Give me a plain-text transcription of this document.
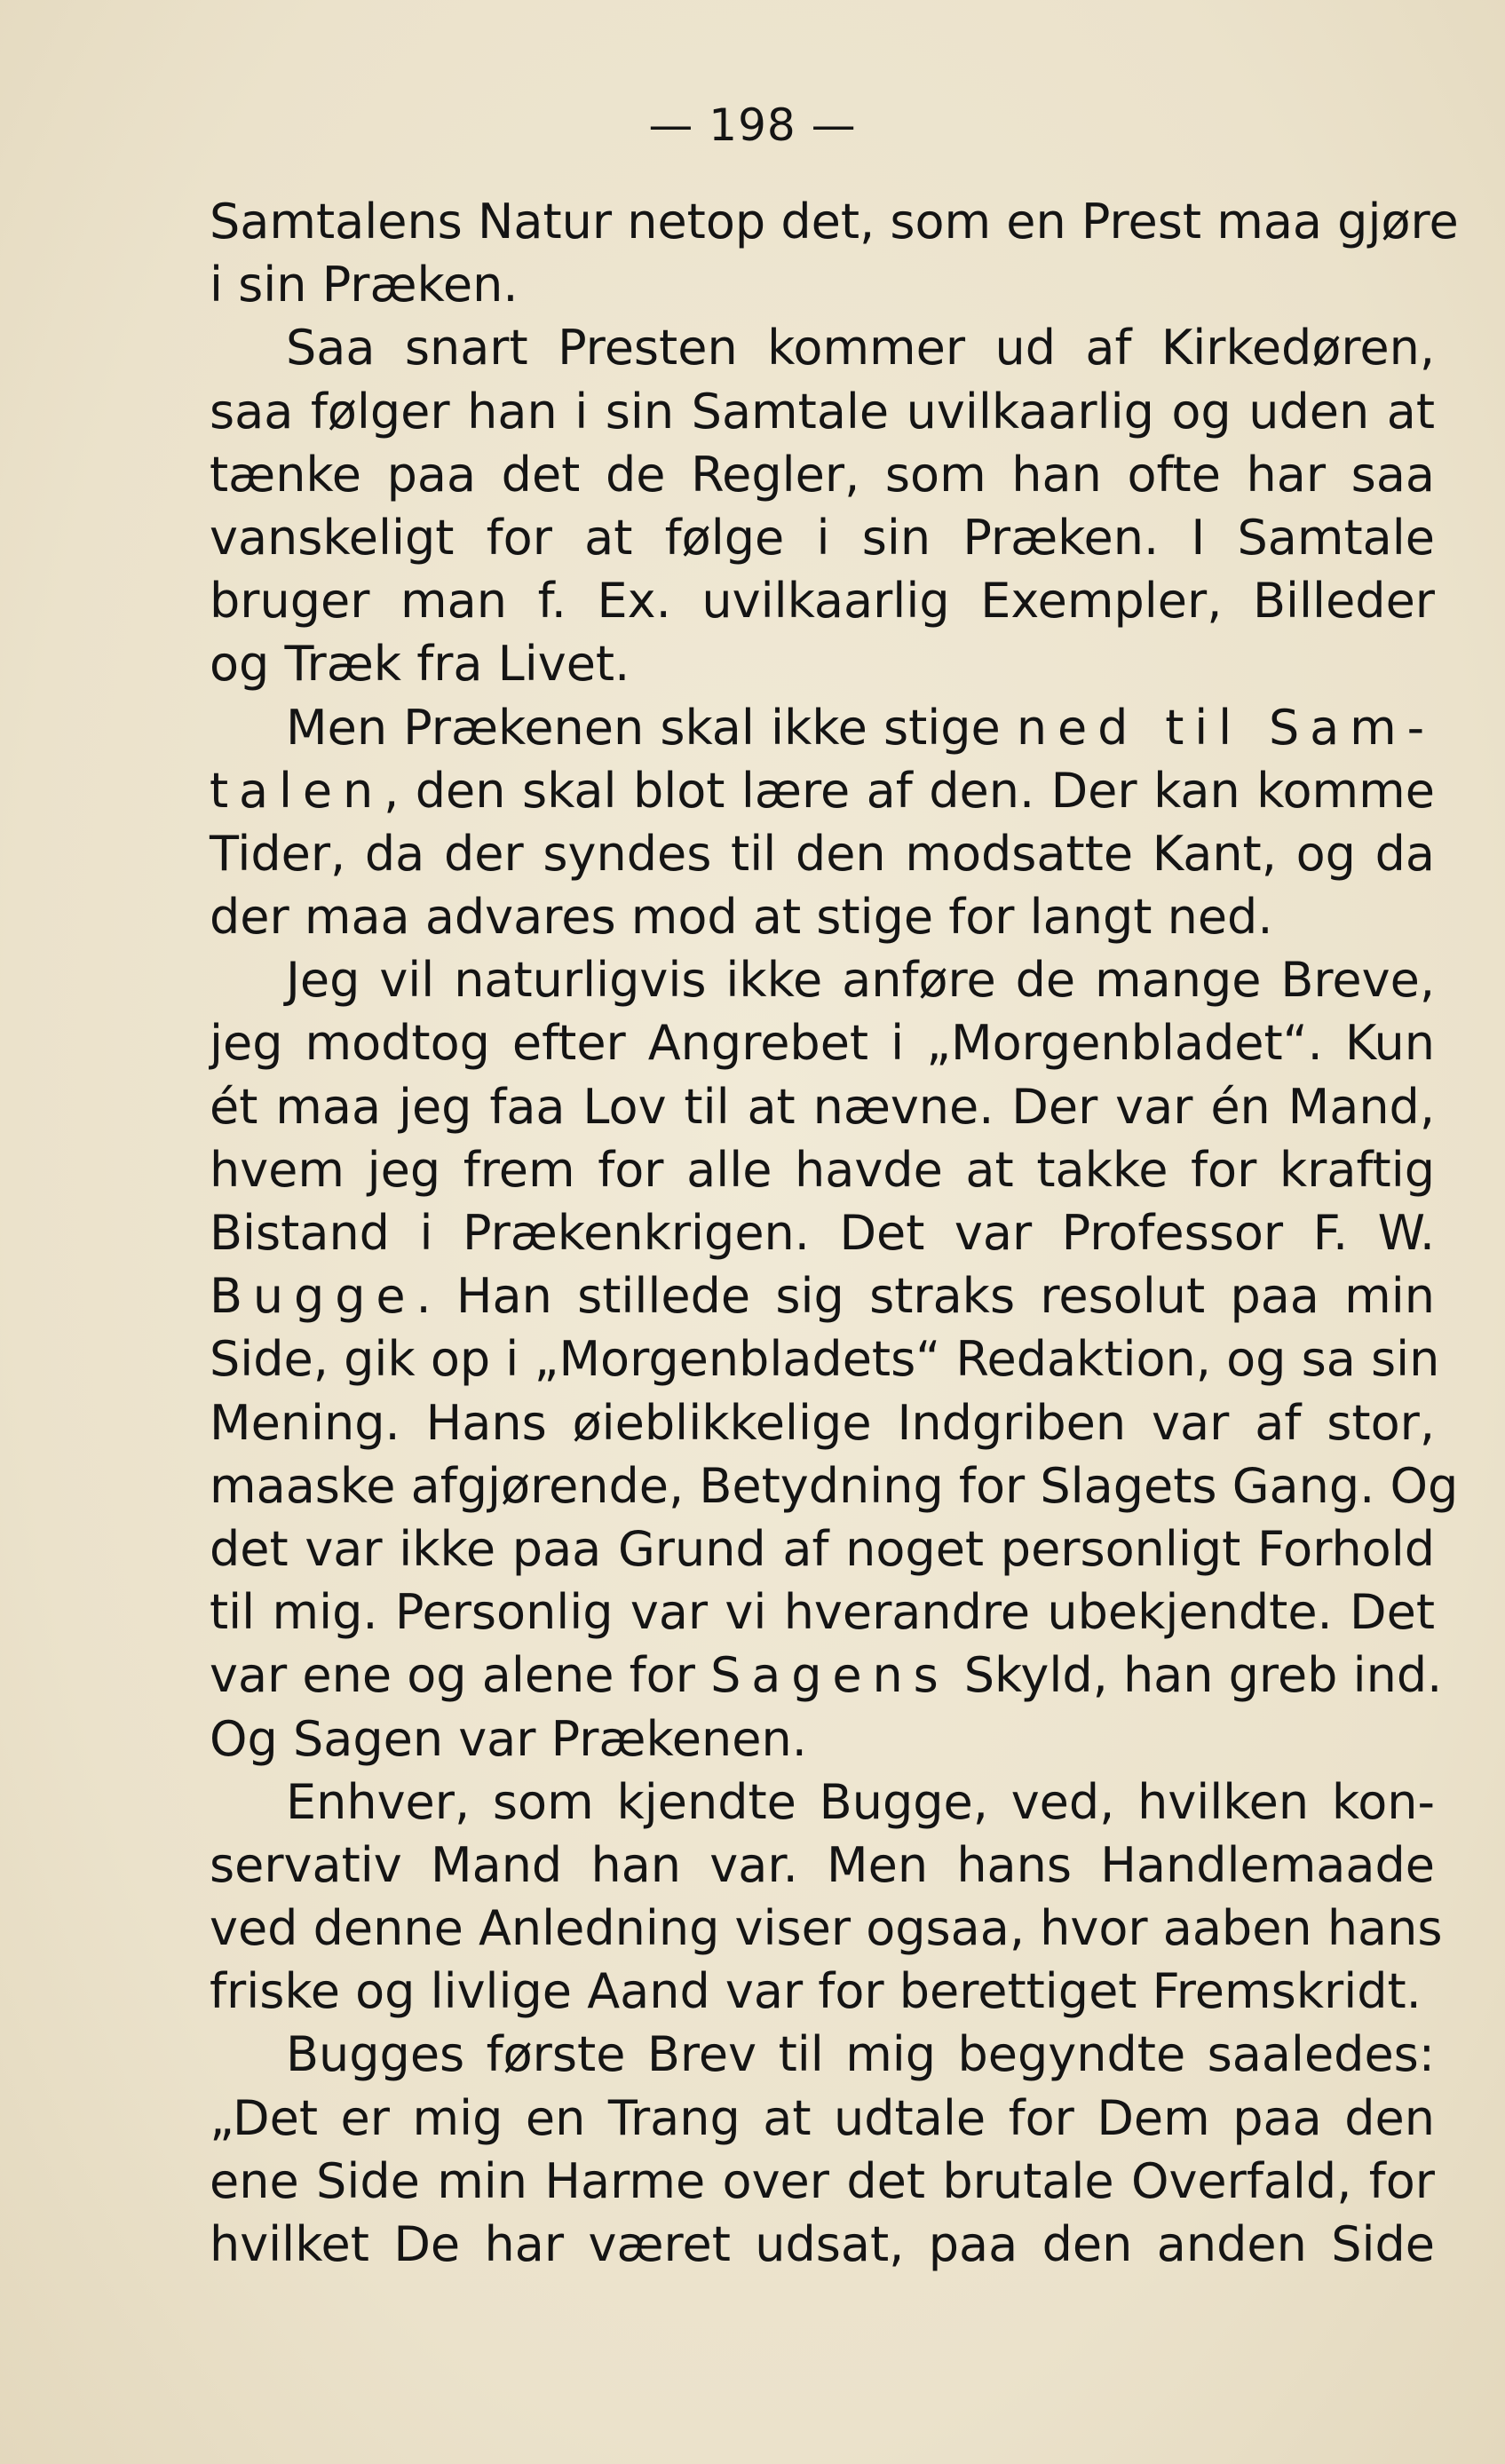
— 198 —
Samtalens Natur netop det, som en Prest maa gjøre
i sin Præken.
Saa snart Presten kommer ud af Kirkedøren,
saa følger han i sin Samtale uvilkaarlig og uden at
tænke paa det de Regler, som han ofte har saa
vanskeligt for at følge i sin Præken. I Samtale
bruger man f. Ex. uvilkaarlig Exempler, Billeder
og Træk fra Livet.
Men Prækenen skal ikke stige ned til Sam-
talen, den skal blot lære af den. Der kan komme
Tider, da der syndes til den modsatte Kant, og da
der maa advares mod at stige for langt ned.
Jeg vil naturligvis ikke anføre de mange Breve,
jeg modtog efter Angrebet i „Morgenbladet“. Kun
ét maa jeg faa Lov til at nævne. Der var én Mand,
hvem jeg frem for alle havde at takke for kraftig
Bistand i Prækenkrigen. Det var Professor F. W.
Bugge. Han stillede sig straks resolut paa min
Side, gik op i „Morgenbladets“ Redaktion, og sa sin
Mening. Hans øieblikkelige Indgriben var af stor,
maaske afgjørende, Betydning for Slagets Gang. Og
det var ikke paa Grund af noget personligt Forhold
til mig. Personlig var vi hverandre ubekjendte. Det
var ene og alene for Sagens Skyld, han greb ind.
Og Sagen var Prækenen.
Enhver, som kjendte Bugge, ved, hvilken kon-
servativ Mand han var. Men hans Handlemaade
ved denne Anledning viser ogsaa, hvor aaben hans
friske og livlige Aand var for berettiget Fremskridt.
Bugges første Brev til mig begyndte saaledes:
„Det er mig en Trang at udtale for Dem paa den
ene Side min Harme over det brutale Overfald, for
hvilket De har været udsat, paa den anden Side
